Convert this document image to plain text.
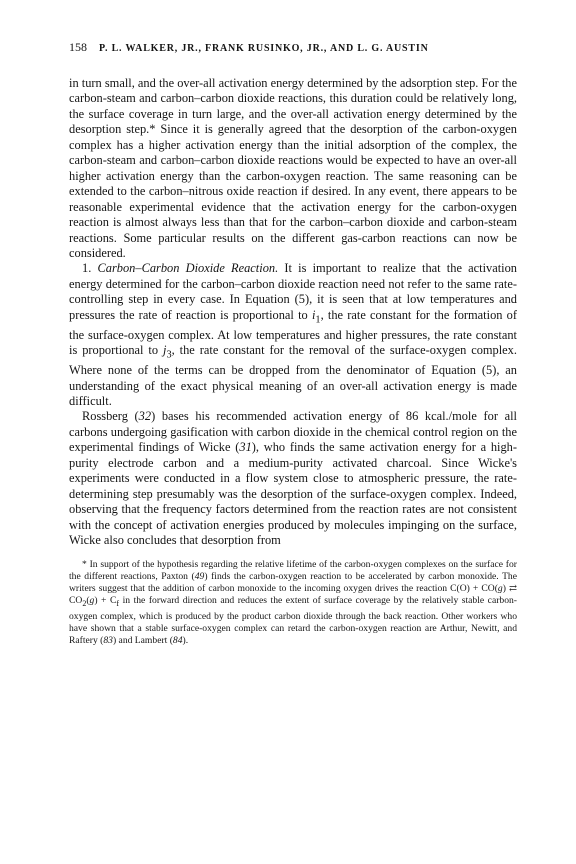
158 P. L. WALKER, JR., FRANK RUSINKO, JR., AND L. G. AUSTIN

in turn small, and the over-all activation energy determined by the adsorption step. For the carbon-steam and carbon–carbon dioxide reactions, this duration could be relatively long, the surface coverage in turn large, and the over-all activation energy determined by the desorption step.* Since it is generally agreed that the desorption of the carbon-oxygen complex has a higher activation energy than the initial adsorption of the complex, the carbon-steam and carbon–carbon dioxide reactions would be expected to have an over-all higher activation energy than the carbon-oxygen reaction. The same reasoning can be extended to the carbon–nitrous oxide reaction if desired. In any event, there appears to be reasonable experimental evidence that the activation energy for the carbon-oxygen reaction is almost always less than that for the carbon–carbon dioxide and carbon-steam reactions. Some particular results on the different gas-carbon reactions can now be considered.

1. Carbon–Carbon Dioxide Reaction. It is important to realize that the activation energy determined for the carbon–carbon dioxide reaction need not refer to the same rate-controlling step in every case. In Equation (5), it is seen that at low temperatures and pressures the rate of reaction is proportional to $i_1$, the rate constant for the formation of the surface-oxygen complex. At low temperatures and higher pressures, the rate constant is proportional to $j_3$, the rate constant for the removal of the surface-oxygen complex. Where none of the terms can be dropped from the denominator of Equation (5), an understanding of the exact physical meaning of an over-all activation energy is made difficult.

Rossberg (32) bases his recommended activation energy of 86 kcal./mole for all carbons undergoing gasification with carbon dioxide in the chemical control region on the experimental findings of Wicke (31), who finds the same activation energy for a high-purity electrode carbon and a medium-purity activated charcoal. Since Wicke's experiments were conducted in a flow system close to atmospheric pressure, the rate-determining step presumably was the desorption of the surface-oxygen complex. Indeed, observing that the frequency factors determined from the reaction rates are not consistent with the concept of activation energies produced by molecules impinging on the surface, Wicke also concludes that desorption from

* In support of the hypothesis regarding the relative lifetime of the carbon-oxygen complexes on the surface for the different reactions, Paxton (49) finds the carbon-oxygen reaction to be accelerated by carbon monoxide. The writers suggest that the addition of carbon monoxide to the incoming oxygen drives the reaction C(O) + CO(g) ⇄ $CO_2(g) + C_f$ in the forward direction and reduces the extent of surface coverage by the relatively stable carbon-oxygen complex, which is produced by the product carbon dioxide through the back reaction. Other workers who have shown that a stable surface-oxygen complex can retard the carbon-oxygen reaction are Arthur, Newitt, and Raftery (83) and Lambert (84).
